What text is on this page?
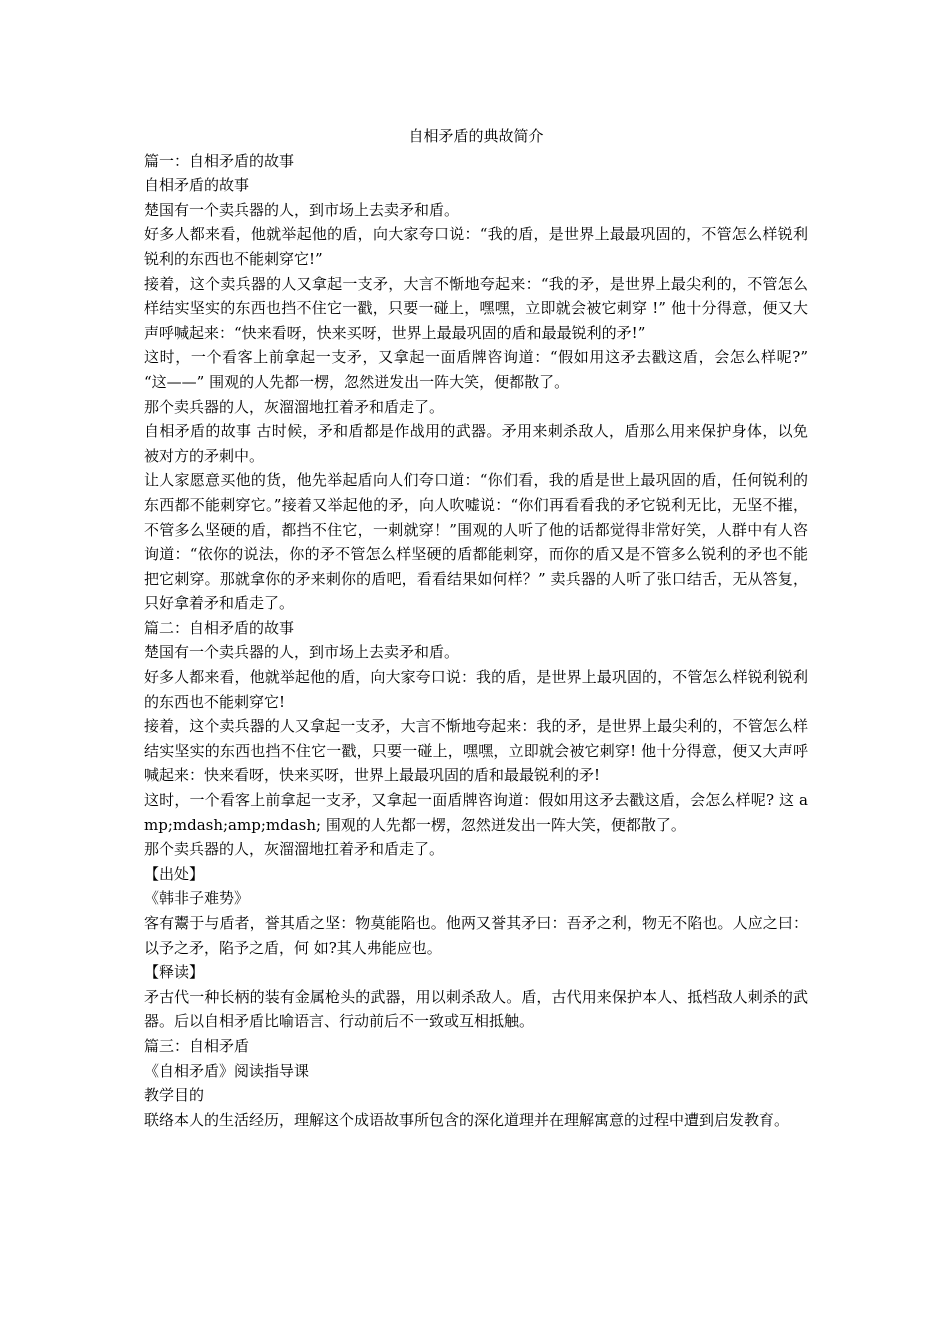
自相矛盾的典故简介

篇一：自相矛盾的故事

自相矛盾的故事

楚国有一个卖兵器的人，到市场上去卖矛和盾。

好多人都来看，他就举起他的盾，向大家夸口说：“我的盾，是世界上最最巩固的，不管怎么样锐利锐利的东西也不能刺穿它!”

接着，这个卖兵器的人又拿起一支矛，大言不惭地夸起来：“我的矛，是世界上最尖利的，不管怎么样结实坚实的东西也挡不住它一戳，只要一碰上，嘿嘿，立即就会被它刺穿 !” 他十分得意，便又大声呼喊起来：“快来看呀，快来买呀，世界上最最巩固的盾和最最锐利的矛!”

这时，一个看客上前拿起一支矛，又拿起一面盾牌咨询道：“假如用这矛去戳这盾，会怎么样呢?” “这——” 围观的人先都一楞，忽然迸发出一阵大笑，便都散了。

那个卖兵器的人，灰溜溜地扛着矛和盾走了。

自相矛盾的故事 古时候，矛和盾都是作战用的武器。矛用来刺杀敌人，盾那么用来保护身体，以免被对方的矛刺中。

让人家愿意买他的货，他先举起盾向人们夸口道：“你们看，我的盾是世上最巩固的盾，任何锐利的东西都不能刺穿它。”接着又举起他的矛，向人吹嘘说：“你们再看看我的矛它锐利无比，无坚不摧，不管多么坚硬的盾，都挡不住它，一刺就穿！”围观的人听了他的话都觉得非常好笑，人群中有人咨询道：“依你的说法，你的矛不管怎么样坚硬的盾都能刺穿，而你的盾又是不管多么锐利的矛也不能把它刺穿。那就拿你的矛来刺你的盾吧，看看结果如何样？” 卖兵器的人听了张口结舌，无从答复，只好拿着矛和盾走了。

篇二：自相矛盾的故事

楚国有一个卖兵器的人，到市场上去卖矛和盾。

好多人都来看，他就举起他的盾，向大家夸口说：我的盾，是世界上最巩固的，不管怎么样锐利锐利的东西也不能刺穿它!

接着，这个卖兵器的人又拿起一支矛，大言不惭地夸起来：我的矛，是世界上最尖利的，不管怎么样结实坚实的东西也挡不住它一戳，只要一碰上，嘿嘿，立即就会被它刺穿! 他十分得意，便又大声呼喊起来：快来看呀，快来买呀，世界上最最巩固的盾和最最锐利的矛!

这时，一个看客上前拿起一支矛，又拿起一面盾牌咨询道：假如用这矛去戳这盾，会怎么样呢? 这 amp;mdash;amp;mdash; 围观的人先都一楞，忽然迸发出一阵大笑，便都散了。

那个卖兵器的人，灰溜溜地扛着矛和盾走了。

【出处】

《韩非子难势》

客有鬻于与盾者，誉其盾之坚：物莫能陷也。他两又誉其矛曰：吾矛之利，物无不陷也。人应之曰：以予之矛，陷予之盾，何 如?其人弗能应也。

【释读】

矛古代一种长柄的装有金属枪头的武器，用以刺杀敌人。盾，古代用来保护本人、抵档敌人刺杀的武器。后以自相矛盾比喻语言、行动前后不一致或互相抵触。

篇三：自相矛盾

《自相矛盾》阅读指导课

教学目的

联络本人的生活经历，理解这个成语故事所包含的深化道理并在理解寓意的过程中遭到启发教育。
